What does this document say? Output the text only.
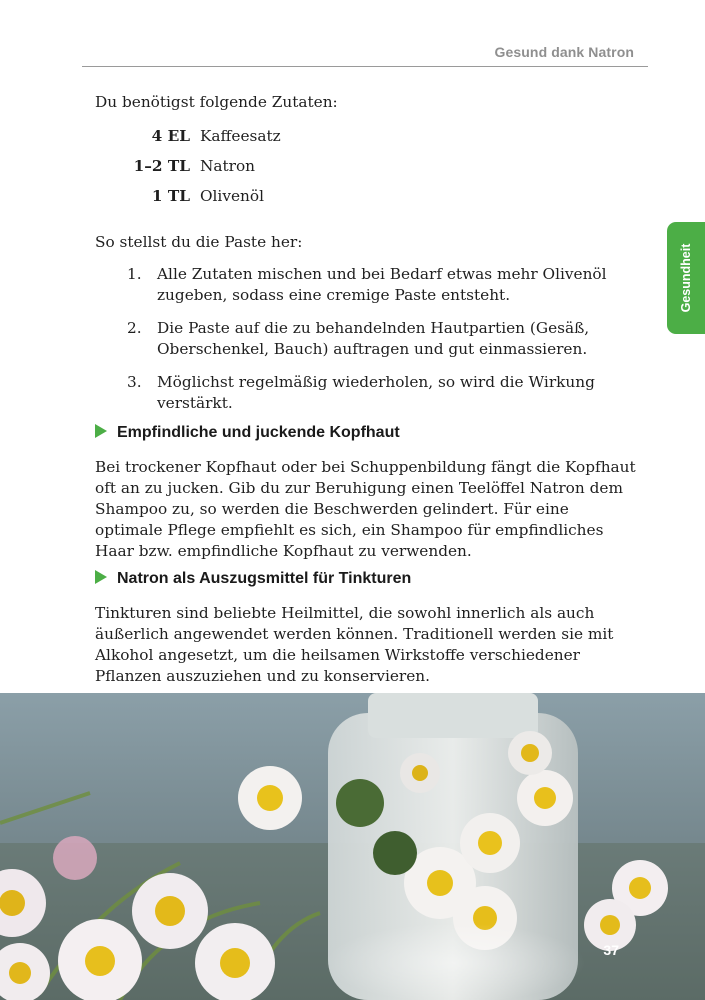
Gesund dank Natron
Gesundheit

Du benötigst folgende Zutaten:

4 EL Kaffeesatz
1–2 TL Natron
1 TL Olivenöl

So stellst du die Paste her:

1. Alle Zutaten mischen und bei Bedarf etwas mehr Olivenöl zugeben, sodass eine cremige Paste entsteht.
2. Die Paste auf die zu behandelnden Hautpartien (Gesäß, Oberschenkel, Bauch) auftragen und gut einmassieren.
3. Möglichst regelmäßig wiederholen, so wird die Wirkung verstärkt.
Empfindliche und juckende Kopfhaut

Bei trockener Kopfhaut oder bei Schuppenbildung fängt die Kopfhaut oft an zu jucken. Gib du zur Beruhigung einen Teelöffel Natron dem Shampoo zu, so werden die Beschwerden gelindert. Für eine optimale Pflege empfiehlt es sich, ein Shampoo für empfindliches Haar bzw. empfindliche Kopfhaut zu verwenden.

Natron als Auszugsmittel für Tinkturen

Tinkturen sind beliebte Heilmittel, die sowohl innerlich als auch äußerlich angewendet werden können. Traditionell werden sie mit Alkohol angesetzt, um die heilsamen Wirkstoffe verschiedener Pflanzen auszuziehen und zu konservieren.

37
